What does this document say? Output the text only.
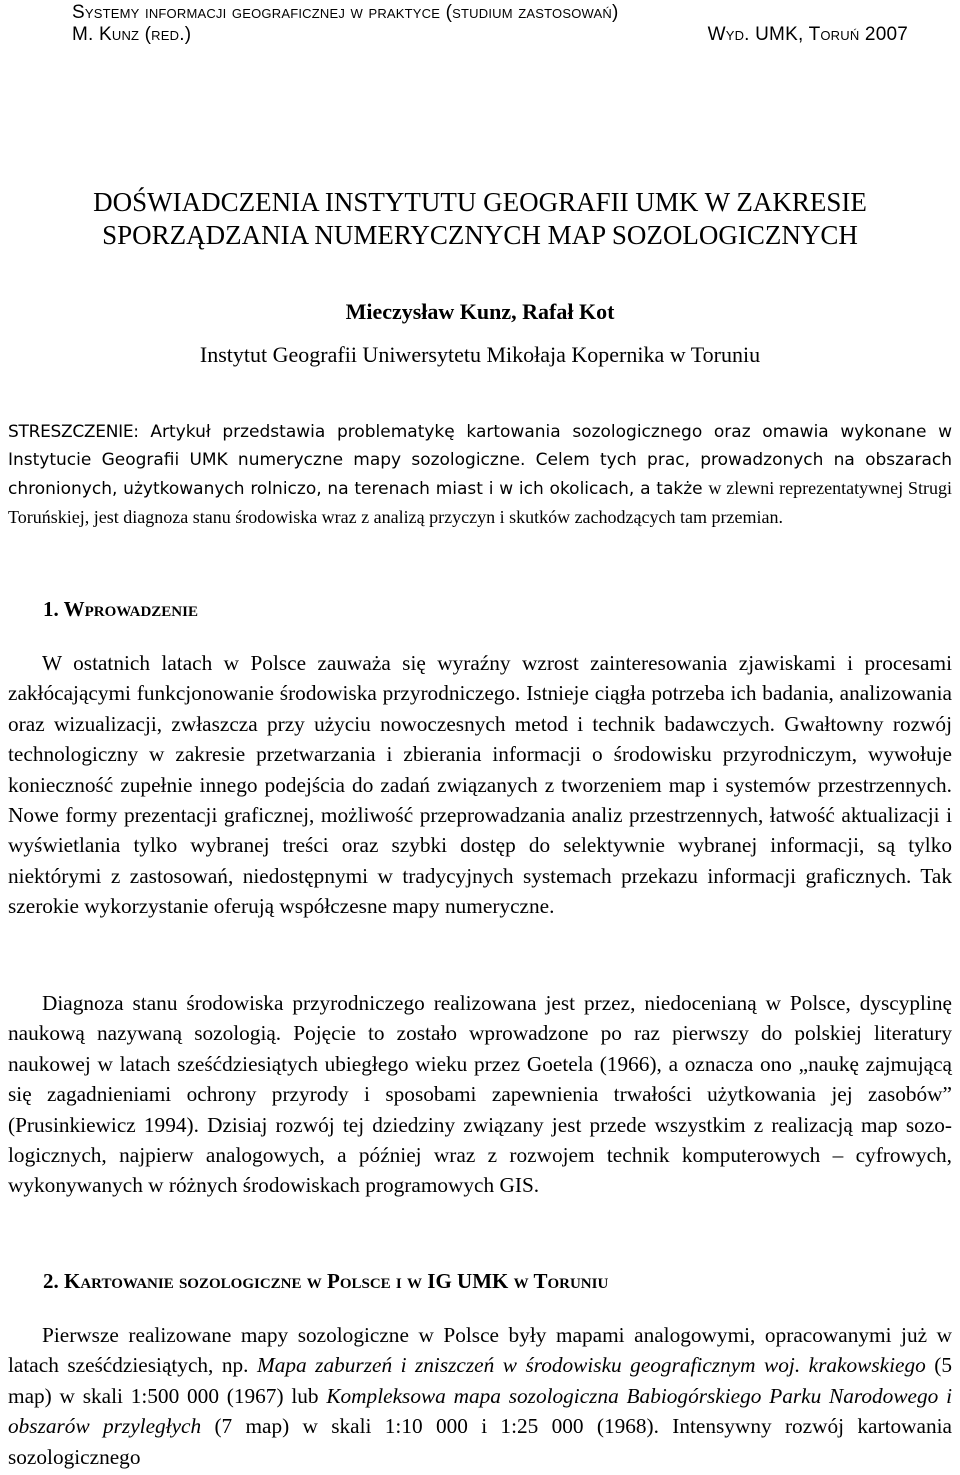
Systemy informacji geograficznej w praktyce (studium zastosowań)
M. Kunz (red.)	Wyd. UMK, Toruń 2007
DOŚWIADCZENIA INSTYTUTU GEOGRAFII UMK W ZAKRESIE
SPORZĄDZANIA NUMERYCZNYCH MAP SOZOLOGICZNYCH
Mieczysław Kunz, Rafał Kot
Instytut Geografii Uniwersytetu Mikołaja Kopernika w Toruniu
STRESZCZENIE: Artykuł przedstawia problematykę kartowania sozologicznego oraz omawia wykonane w Instytucie Geografii UMK numeryczne mapy sozologiczne. Celem tych prac, prowadzonych na obszarach chronionych, użytkowanych rolniczo, na terenach miast i w ich okolicach, a także w zlewni reprezentatywnej Strugi Toruńskiej, jest diagnoza stanu środowiska wraz z analizą przyczyn i skutków zachodzących tam przemian.
1. Wprowadzenie

W ostatnich latach w Polsce zauważa się wyraźny wzrost zainteresowania zjawiskami i procesami zakłócającymi funkcjonowanie środowiska przyrodniczego. Istnieje ciągła potrzeba ich badania, analizowania oraz wizualizacji, zwłaszcza przy użyciu nowoczesnych metod i technik badawczych. Gwałtowny rozwój technologiczny w zakresie przetwarzania i zbierania informacji o środowisku przyrodniczym, wywołuje konieczność zupełnie innego podejścia do zadań związanych z tworzeniem map i systemów przestrzennych. Nowe formy prezentacji graficznej, możliwość przeprowadzania analiz przestrzennych, łatwość aktualizacji i wyświetlania tylko wybranej treści oraz szybki dostęp do selektywnie wybranej informacji, są tylko niektórymi z zastosowań, niedostępnymi w tradycyjnych systemach przekazu informacji graficznych. Tak szerokie wykorzystanie oferują współczesne mapy numeryczne.

Diagnoza stanu środowiska przyrodniczego realizowana jest przez, niedocenianą w Polsce, dyscyplinę naukową nazywaną sozologią. Pojęcie to zostało wprowadzone po raz pierwszy do polskiej literatury naukowej w latach sześćdziesiątych ubiegłego wieku przez Goetela (1966), a oznacza ono „naukę zajmującą się zagadnieniami ochrony przyrody i sposobami zapewnienia trwałości użytkowania jej zasobów” (Prusinkiewicz 1994). Dzisiaj rozwój tej dziedziny związany jest przede wszystkim z realizacją map sozologicznych, najpierw analogowych, a później wraz z rozwojem technik komputerowych – cyfrowych, wykonywanych w różnych środowiskach programowych GIS.

2. Kartowanie sozologiczne w Polsce i w IG UMK w Toruniu

Pierwsze realizowane mapy sozologiczne w Polsce były mapami analogowymi, opracowanymi już w latach sześćdziesiątych, np. Mapa zaburzeń i zniszczeń w środowisku geograficznym woj. krakowskiego (5 map) w skali 1:500 000 (1967) lub Kompleksowa mapa sozologiczna Babiogórskiego Parku Narodowego i obszarów przyległych (7 map) w skali 1:10 000 i 1:25 000 (1968). Intensywny rozwój kartowania sozologicznego
